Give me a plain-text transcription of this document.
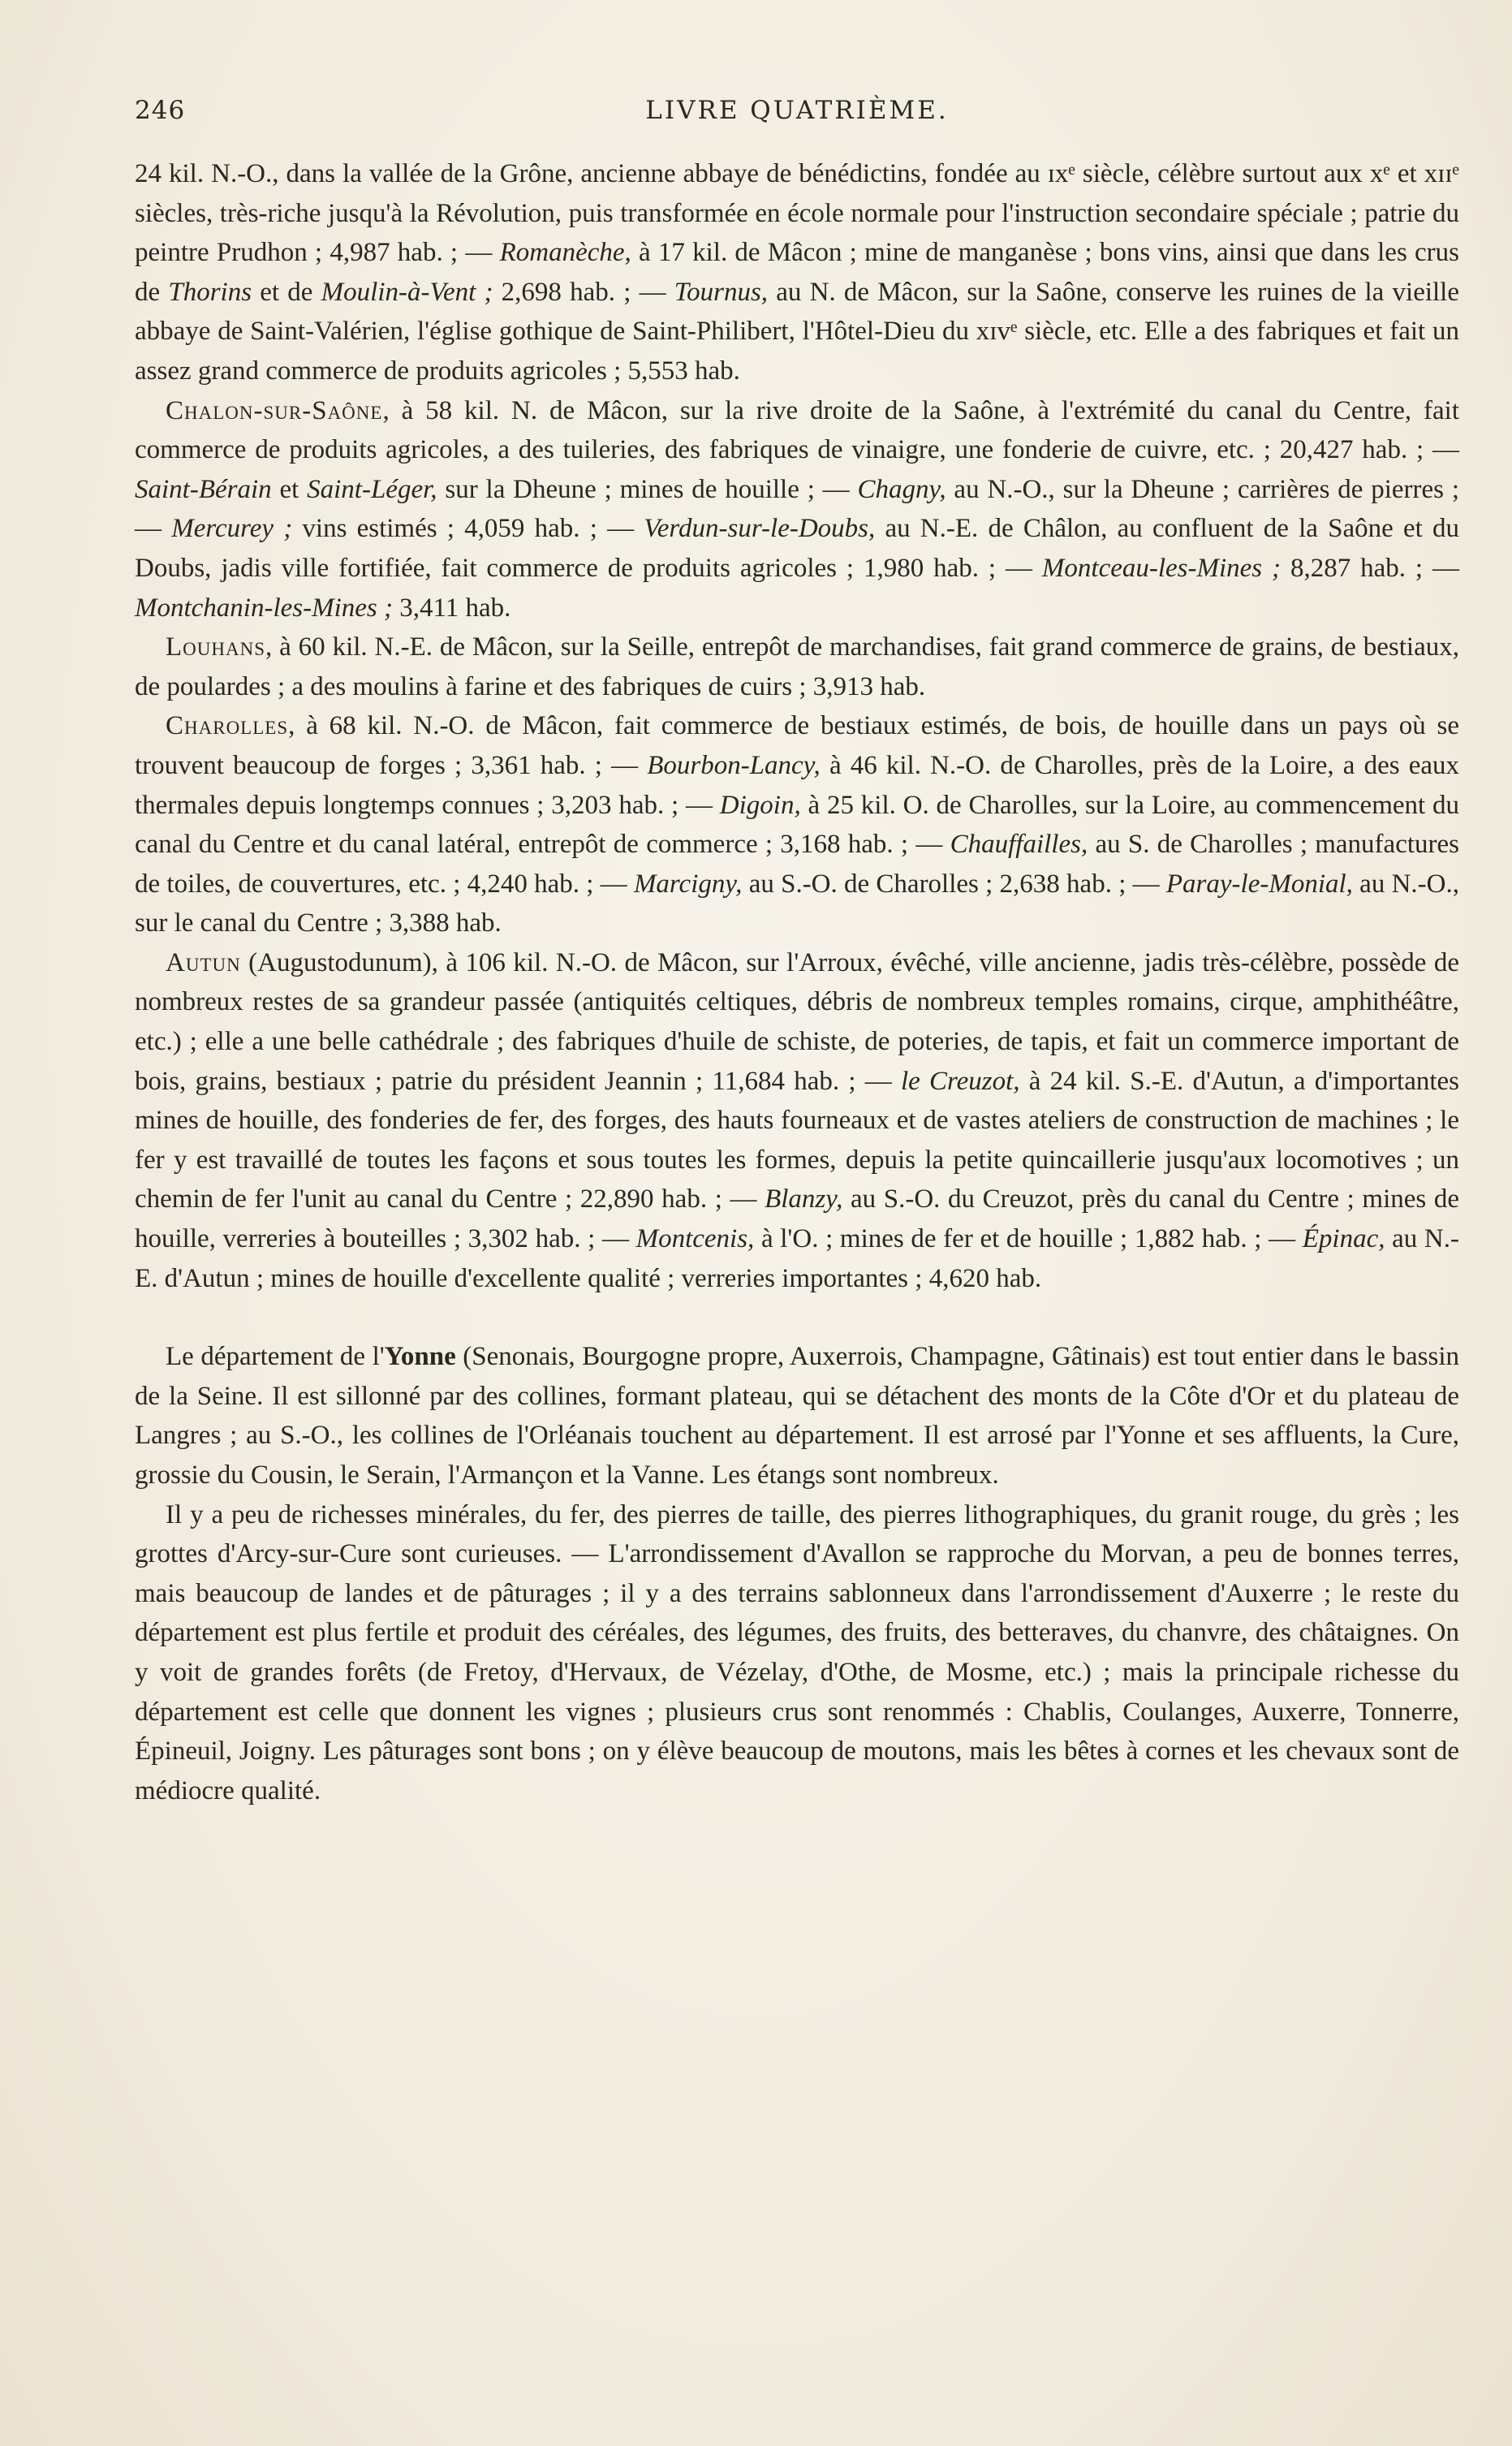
246	LIVRE QUATRIÈME.

24 kil. N.-O., dans la vallée de la Grône, ancienne abbaye de bénédictins, fondée au ɪxᵉ siècle, célèbre surtout aux xᵉ et xɪɪᵉ siècles, très-riche jusqu'à la Révolution, puis transformée en école normale pour l'instruction secondaire spéciale ; patrie du peintre Prudhon ; 4,987 hab. ; — Romanèche, à 17 kil. de Mâcon ; mine de manganèse ; bons vins, ainsi que dans les crus de Thorins et de Moulin-à-Vent ; 2,698 hab. ; — Tournus, au N. de Mâcon, sur la Saône, conserve les ruines de la vieille abbaye de Saint-Valérien, l'église gothique de Saint-Philibert, l'Hôtel-Dieu du xɪvᵉ siècle, etc. Elle a des fabriques et fait un assez grand commerce de produits agricoles ; 5,553 hab.

Chalon-sur-Saône, à 58 kil. N. de Mâcon, sur la rive droite de la Saône, à l'extrémité du canal du Centre, fait commerce de produits agricoles, a des tuileries, des fabriques de vinaigre, une fonderie de cuivre, etc. ; 20,427 hab. ; — Saint-Bérain et Saint-Léger, sur la Dheune ; mines de houille ; — Chagny, au N.-O., sur la Dheune ; carrières de pierres ; — Mercurey ; vins estimés ; 4,059 hab. ; — Verdun-sur-le-Doubs, au N.-E. de Châlon, au confluent de la Saône et du Doubs, jadis ville fortifiée, fait commerce de produits agricoles ; 1,980 hab. ; — Montceau-les-Mines ; 8,287 hab. ; — Montchanin-les-Mines ; 3,411 hab.

Louhans, à 60 kil. N.-E. de Mâcon, sur la Seille, entrepôt de marchandises, fait grand commerce de grains, de bestiaux, de poulardes ; a des moulins à farine et des fabriques de cuirs ; 3,913 hab.

Charolles, à 68 kil. N.-O. de Mâcon, fait commerce de bestiaux estimés, de bois, de houille dans un pays où se trouvent beaucoup de forges ; 3,361 hab. ; — Bourbon-Lancy, à 46 kil. N.-O. de Charolles, près de la Loire, a des eaux thermales depuis longtemps connues ; 3,203 hab. ; — Digoin, à 25 kil. O. de Charolles, sur la Loire, au commencement du canal du Centre et du canal latéral, entrepôt de commerce ; 3,168 hab. ; — Chauffailles, au S. de Charolles ; manufactures de toiles, de couvertures, etc. ; 4,240 hab. ; — Marcigny, au S.-O. de Charolles ; 2,638 hab. ; — Paray-le-Monial, au N.-O., sur le canal du Centre ; 3,388 hab.

Autun (Augustodunum), à 106 kil. N.-O. de Mâcon, sur l'Arroux, évêché, ville ancienne, jadis très-célèbre, possède de nombreux restes de sa grandeur passée (antiquités celtiques, débris de nombreux temples romains, cirque, amphithéâtre, etc.) ; elle a une belle cathédrale ; des fabriques d'huile de schiste, de poteries, de tapis, et fait un commerce important de bois, grains, bestiaux ; patrie du président Jeannin ; 11,684 hab. ; — le Creuzot, à 24 kil. S.-E. d'Autun, a d'importantes mines de houille, des fonderies de fer, des forges, des hauts fourneaux et de vastes ateliers de construction de machines ; le fer y est travaillé de toutes les façons et sous toutes les formes, depuis la petite quincaillerie jusqu'aux locomotives ; un chemin de fer l'unit au canal du Centre ; 22,890 hab. ; — Blanzy, au S.-O. du Creuzot, près du canal du Centre ; mines de houille, verreries à bouteilles ; 3,302 hab. ; — Montcenis, à l'O. ; mines de fer et de houille ; 1,882 hab. ; — Épinac, au N.-E. d'Autun ; mines de houille d'excellente qualité ; verreries importantes ; 4,620 hab.

Le département de l'Yonne (Senonais, Bourgogne propre, Auxerrois, Champagne, Gâtinais) est tout entier dans le bassin de la Seine. Il est sillonné par des collines, formant plateau, qui se détachent des monts de la Côte d'Or et du plateau de Langres ; au S.-O., les collines de l'Orléanais touchent au département. Il est arrosé par l'Yonne et ses affluents, la Cure, grossie du Cousin, le Serain, l'Armançon et la Vanne. Les étangs sont nombreux.

Il y a peu de richesses minérales, du fer, des pierres de taille, des pierres lithographiques, du granit rouge, du grès ; les grottes d'Arcy-sur-Cure sont curieuses. — L'arrondissement d'Avallon se rapproche du Morvan, a peu de bonnes terres, mais beaucoup de landes et de pâturages ; il y a des terrains sablonneux dans l'arrondissement d'Auxerre ; le reste du département est plus fertile et produit des céréales, des légumes, des fruits, des betteraves, du chanvre, des châtaignes. On y voit de grandes forêts (de Fretoy, d'Hervaux, de Vézelay, d'Othe, de Mosme, etc.) ; mais la principale richesse du département est celle que donnent les vignes ; plusieurs crus sont renommés : Chablis, Coulanges, Auxerre, Tonnerre, Épineuil, Joigny. Les pâturages sont bons ; on y élève beaucoup de moutons, mais les bêtes à cornes et les chevaux sont de médiocre qualité.
